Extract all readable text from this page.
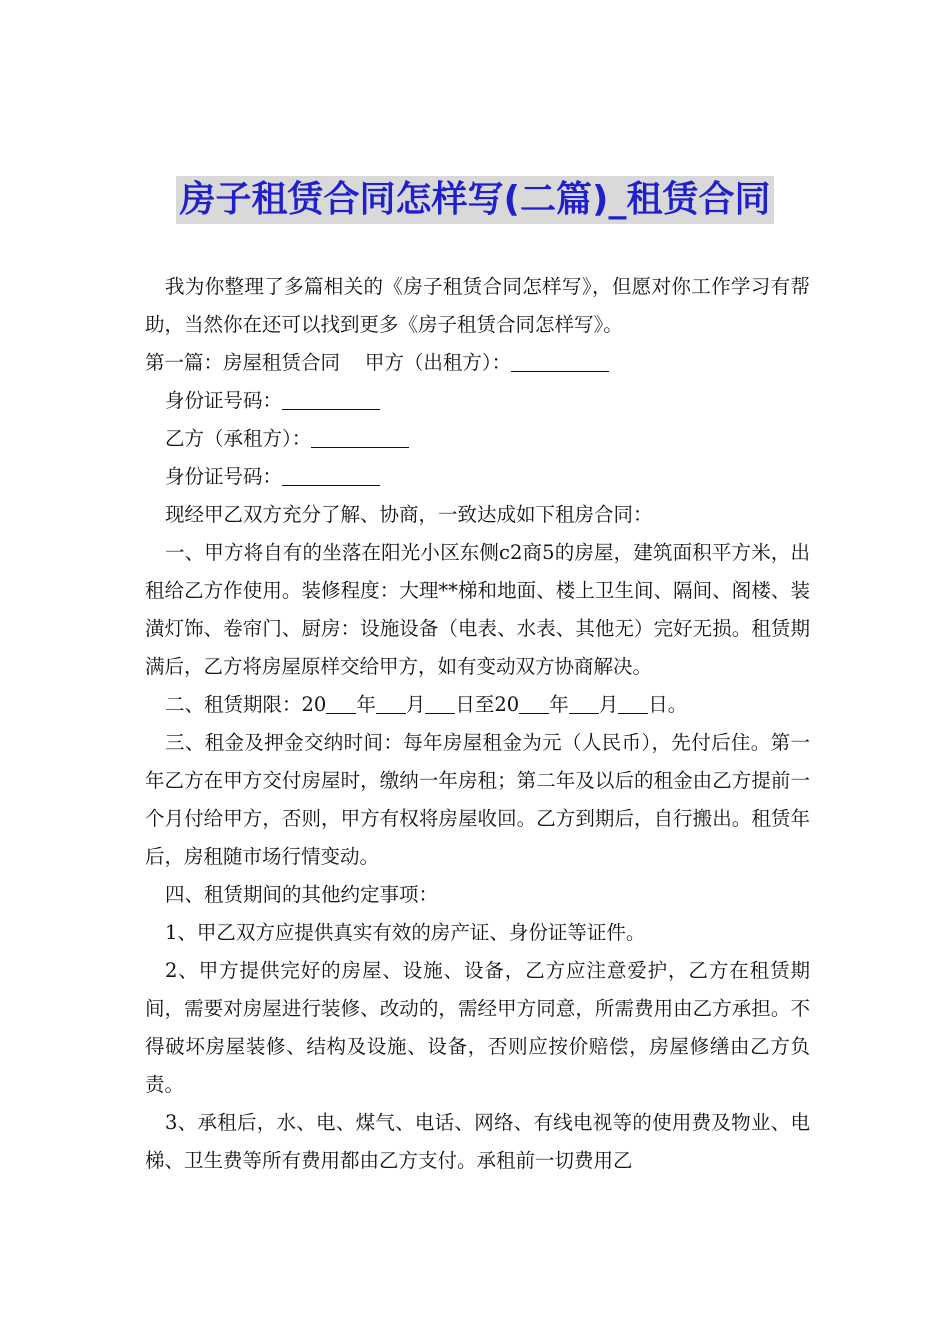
房子租赁合同怎样写(二篇)_租赁合同

我为你整理了多篇相关的《房子租赁合同怎样写》，但愿对你工作学习有帮助，当然你在还可以找到更多《房子租赁合同怎样写》。

第一篇：房屋租赁合同 甲方（出租方）：

身份证号码：

乙方（承租方）：

身份证号码：

现经甲乙双方充分了解、协商，一致达成如下租房合同：

一、甲方将自有的坐落在阳光小区东侧c2商5的房屋，建筑面积平方米，出租给乙方作使用。装修程度：大理**梯和地面、楼上卫生间、隔间、阁楼、装潢灯饰、卷帘门、厨房：设施设备（电表、水表、其他无）完好无损。租赁期满后，乙方将房屋原样交给甲方，如有变动双方协商解决。

二、租赁期限：20 年 月 日至20 年 月 日。

三、租金及押金交纳时间：每年房屋租金为元（人民币），先付后住。第一年乙方在甲方交付房屋时，缴纳一年房租；第二年及以后的租金由乙方提前一个月付给甲方，否则，甲方有权将房屋收回。乙方到期后，自行搬出。租赁年后，房租随市场行情变动。

四、租赁期间的其他约定事项：

1、甲乙双方应提供真实有效的房产证、身份证等证件。

2、甲方提供完好的房屋、设施、设备，乙方应注意爱护，乙方在租赁期间，需要对房屋进行装修、改动的，需经甲方同意，所需费用由乙方承担。不得破坏房屋装修、结构及设施、设备，否则应按价赔偿，房屋修缮由乙方负责。

3、承租后，水、电、煤气、电话、网络、有线电视等的使用费及物业、电梯、卫生费等所有费用都由乙方支付。承租前一切费用乙
